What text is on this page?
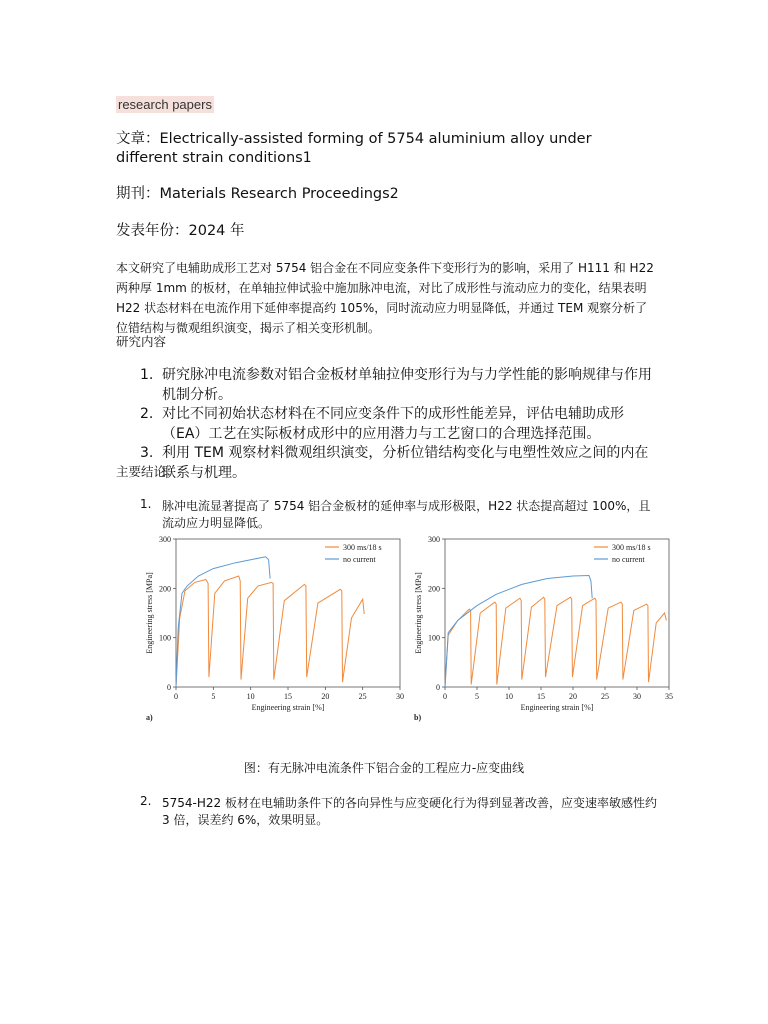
research papers
文章：Electrically-assisted forming of 5754 aluminium alloy under different strain conditions1
期刊：Materials Research Proceedings2
发表年份：2024 年
本文研究了电辅助成形工艺对 5754 铝合金在不同应变条件下变形行为的影响，采用了 H111 和 H22 两种厚 1mm 的板材，在单轴拉伸试验中施加脉冲电流，对比了成形性与流动应力的变化，结果表明 H22 状态材料在电流作用下延伸率提高约 105%，同时流动应力明显降低，并通过 TEM 观察分析了位错结构与微观组织演变，揭示了相关变形机制。
研究内容
1. 研究脉冲电流参数对铝合金板材单轴拉伸变形行为与力学性能的影响规律与作用机制分析。
2. 对比不同初始状态材料在不同应变条件下的成形性能差异，评估电辅助成形（EA）工艺在实际板材成形中的应用潜力与工艺窗口的合理选择范围。
3. 利用 TEM 观察材料微观组织演变，分析位错结构变化与电塑性效应之间的内在联系与机理。
主要结论：
1. 脉冲电流显著提高了 5754 铝合金板材的延伸率与成形极限，H22 状态提高超过 100%，且流动应力明显降低。
0	5	10	15	20	25	30
0
100
200
300
Engineering strain [%]
Engineering stress [MPa]
a)
300 ms/18 s
no current
0	5	10	15	20	25	30	35
0
100
200
300
Engineering strain [%]
Engineering stress [MPa]
b)
300 ms/18 s
no current
图：有无脉冲电流条件下铝合金的工程应力-应变曲线
2. 5754-H22 板材在电辅助条件下的各向异性与应变硬化行为得到显著改善，应变速率敏感性约 3 倍，误差约 6%，效果明显。
